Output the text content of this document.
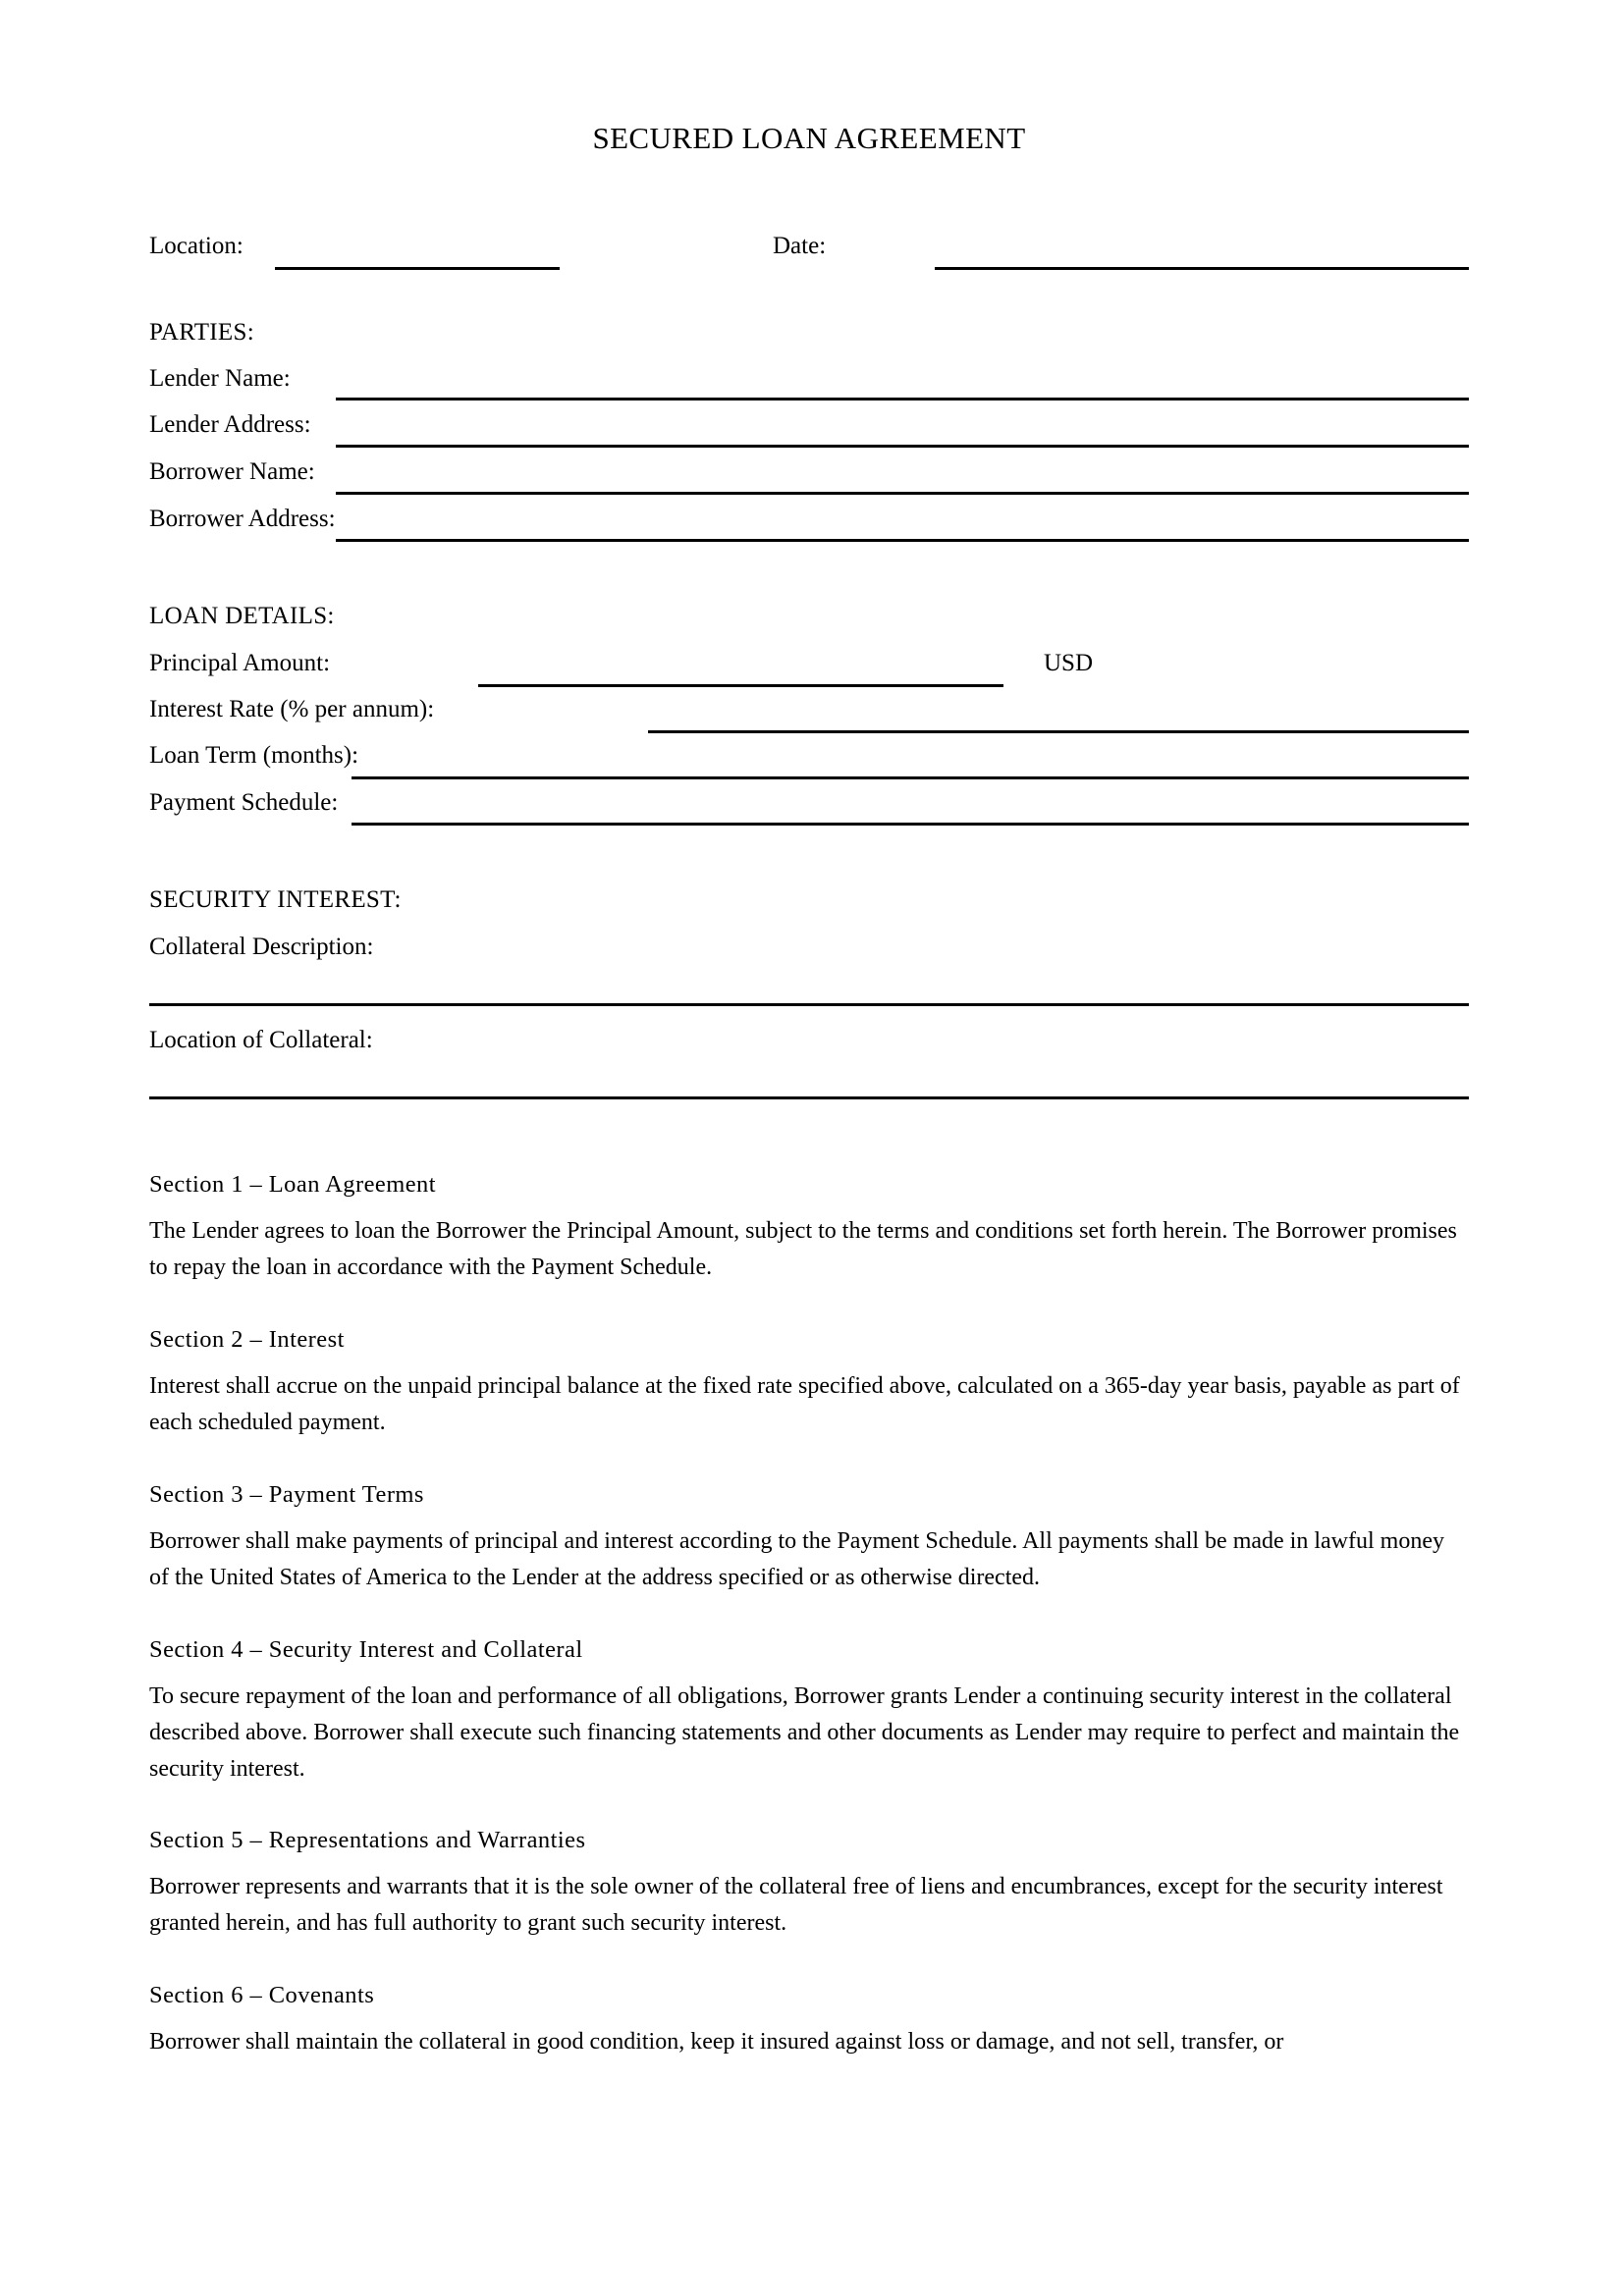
SECURED LOAN AGREEMENT
Location:	Date:
PARTIES:
Lender Name:
Lender Address:
Borrower Name:
Borrower Address:
LOAN DETAILS:
Principal Amount:	USD
Interest Rate (% per annum):
Loan Term (months):
Payment Schedule:
SECURITY INTEREST:
Collateral Description:
Location of Collateral:
Section 1 – Loan Agreement
The Lender agrees to loan the Borrower the Principal Amount, subject to the terms and conditions set forth herein. The Borrower promises to repay the loan in accordance with the Payment Schedule.
Section 2 – Interest
Interest shall accrue on the unpaid principal balance at the fixed rate specified above, calculated on a 365-day year basis, payable as part of each scheduled payment.
Section 3 – Payment Terms
Borrower shall make payments of principal and interest according to the Payment Schedule. All payments shall be made in lawful money of the United States of America to the Lender at the address specified or as otherwise directed.
Section 4 – Security Interest and Collateral
To secure repayment of the loan and performance of all obligations, Borrower grants Lender a continuing security interest in the collateral described above. Borrower shall execute such financing statements and other documents as Lender may require to perfect and maintain the security interest.
Section 5 – Representations and Warranties
Borrower represents and warrants that it is the sole owner of the collateral free of liens and encumbrances, except for the security interest granted herein, and has full authority to grant such security interest.
Section 6 – Covenants
Borrower shall maintain the collateral in good condition, keep it insured against loss or damage, and not sell, transfer, or
